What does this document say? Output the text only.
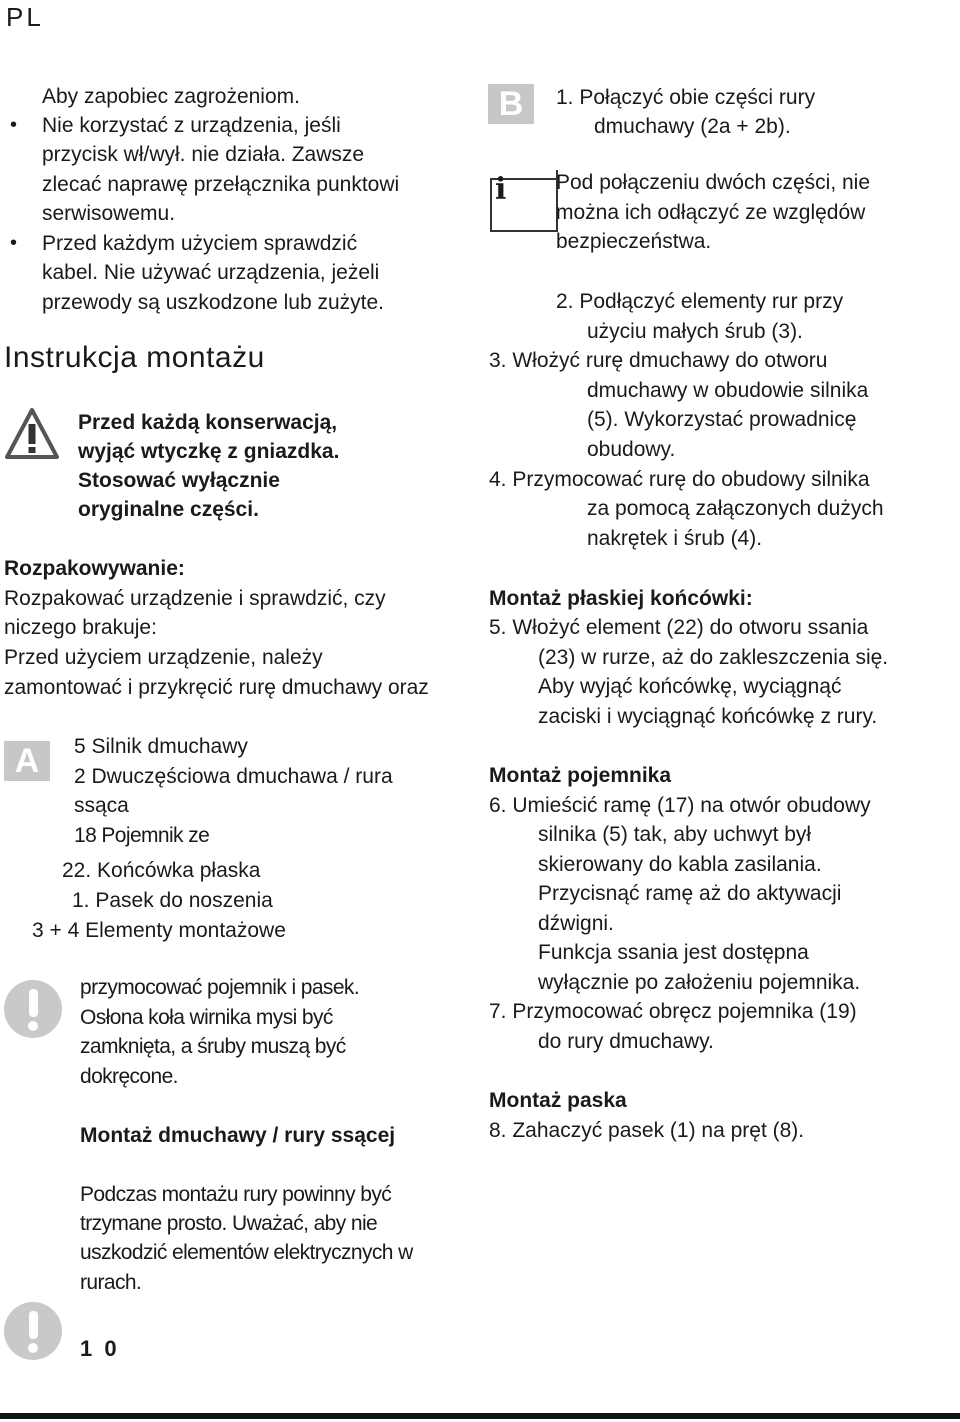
PL
Aby zapobiec zagrożeniom.
• Nie korzystać z urządzenia, jeśli
przycisk wł/wył. nie działa. Zawsze
zlecać naprawę przełącznika punktowi
serwisowemu.
• Przed każdym użyciem sprawdzić
kabel. Nie używać urządzenia, jeżeli
przewody są uszkodzone lub zużyte.
Instrukcja montażu
Przed każdą konserwacją,
wyjąć wtyczkę z gniazdka.
Stosować wyłącznie
oryginalne części.
Rozpakowywanie:
Rozpakować urządzenie i sprawdzić, czy
niczego brakuje:
Przed użyciem urządzenie, należy
zamontować i przykręcić rurę dmuchawy oraz
A	5 Silnik dmuchawy
2 Dwuczęściowa dmuchawa / rura
ssąca
18 Pojemnik ze
22. Końcówka płaska
1. Pasek do noszenia
3 + 4 Elementy montażowe
przymocować pojemnik i pasek.
Osłona koła wirnika mysi być
zamknięta, a śruby muszą być
dokręcone.
Montaż dmuchawy / rury ssącej
Podczas montażu rury powinny być
trzymane prosto. Uważać, aby nie
uszkodzić elementów elektrycznych w
rurach.
1 0
B	1. Połączyć obie części rury
dmuchawy (2a + 2b).
i Pod połączeniu dwóch części, nie
można ich odłączyć ze względów
bezpieczeństwa.
2. Podłączyć elementy rur przy
użyciu małych śrub (3).
3. Włożyć rurę dmuchawy do otworu
dmuchawy w obudowie silnika
(5). Wykorzystać prowadnicę
obudowy.
4. Przymocować rurę do obudowy silnika
za pomocą załączonych dużych
nakrętek i śrub (4).
Montaż płaskiej końcówki:
5. Włożyć element (22) do otworu ssania
(23) w rurze, aż do zakleszczenia się.
Aby wyjąć końcówkę, wyciągnąć
zaciski i wyciągnąć końcówkę z rury.
Montaż pojemnika
6. Umieścić ramę (17) na otwór obudowy
silnika (5) tak, aby uchwyt był
skierowany do kabla zasilania.
Przycisnąć ramę aż do aktywacji
dźwigni.
Funkcja ssania jest dostępna
wyłącznie po założeniu pojemnika.
7. Przymocować obręcz pojemnika (19)
do rury dmuchawy.
Montaż paska
8. Zahaczyć pasek (1) na pręt (8).
